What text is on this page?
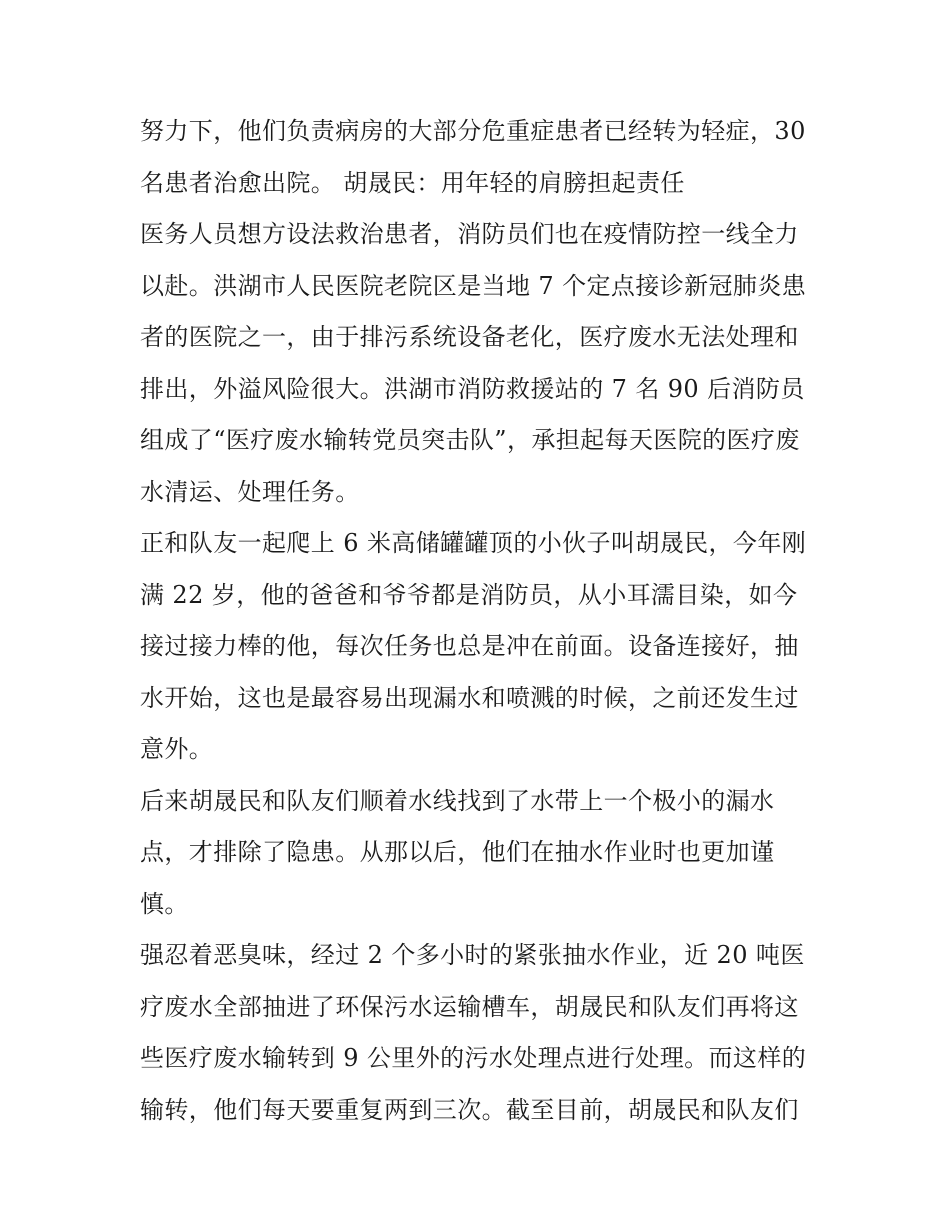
努力下，他们负责病房的大部分危重症患者已经转为轻症，30
名患者治愈出院。 胡晟民：用年轻的肩膀担起责任
医务人员想方设法救治患者，消防员们也在疫情防控一线全力
以赴。洪湖市人民医院老院区是当地 7 个定点接诊新冠肺炎患
者的医院之一，由于排污系统设备老化，医疗废水无法处理和
排出，外溢风险很大。洪湖市消防救援站的 7 名 90 后消防员
组成了“医疗废水输转党员突击队”，承担起每天医院的医疗废
水清运、处理任务。
正和队友一起爬上 6 米高储罐罐顶的小伙子叫胡晟民，今年刚
满 22 岁，他的爸爸和爷爷都是消防员，从小耳濡目染，如今
接过接力棒的他，每次任务也总是冲在前面。设备连接好，抽
水开始，这也是最容易出现漏水和喷溅的时候，之前还发生过
意外。
后来胡晟民和队友们顺着水线找到了水带上一个极小的漏水
点，才排除了隐患。从那以后，他们在抽水作业时也更加谨
慎。
强忍着恶臭味，经过 2 个多小时的紧张抽水作业，近 20 吨医
疗废水全部抽进了环保污水运输槽车，胡晟民和队友们再将这
些医疗废水输转到 9 公里外的污水处理点进行处理。而这样的
输转，他们每天要重复两到三次。截至目前，胡晟民和队友们
